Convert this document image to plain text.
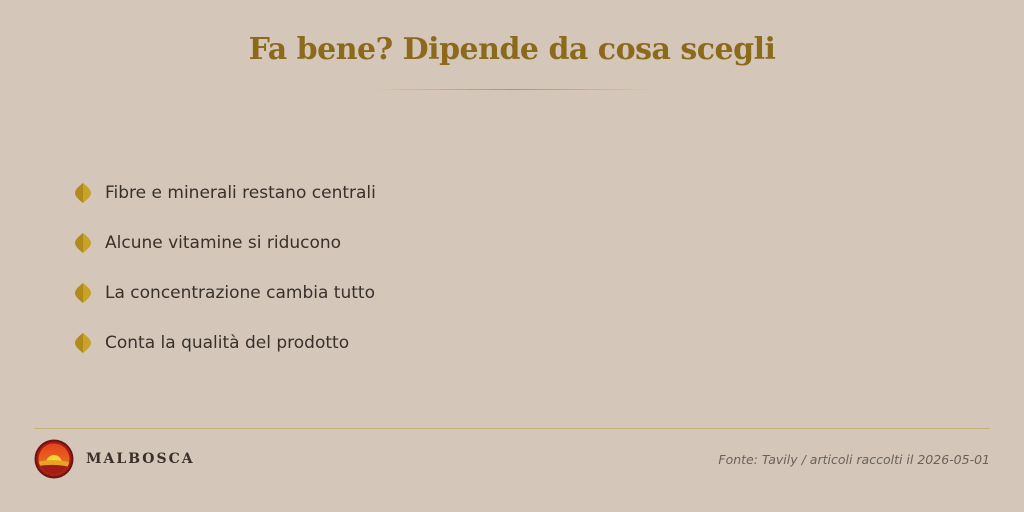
Fa bene? Dipende da cosa scegli
Fibre e minerali restano centrali
Alcune vitamine si riducono
La concentrazione cambia tutto
Conta la qualità del prodotto
MALBOSCA	Fonte: Tavily / articoli raccolti il 2026-05-01
